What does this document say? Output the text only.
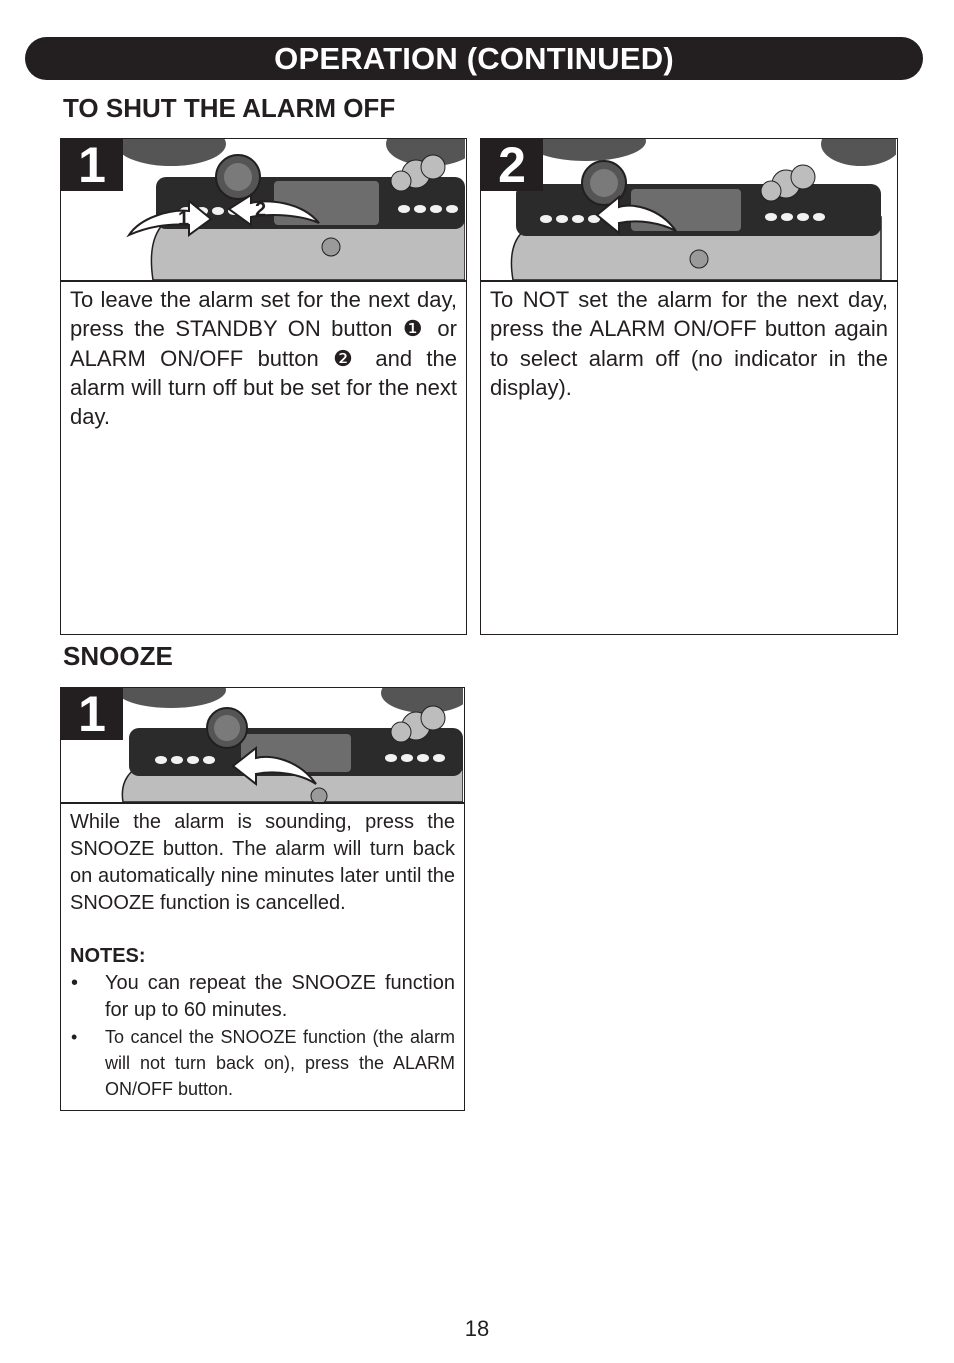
OPERATION (CONTINUED)
TO SHUT THE ALARM OFF
1	2
1
To leave the alarm set for the next day, press the STANDBY ON button ❶ or ALARM ON/OFF button ❷ and the alarm will turn off but be set for the next day.
2
To NOT set the alarm for the next day, press the ALARM ON/OFF button again to select alarm off (no indicator in the display).
SNOOZE
1
While the alarm is sounding, press the SNOOZE button. The alarm will turn back on automatically nine minutes later until the SNOOZE function is cancelled.
NOTES:
• You can repeat the SNOOZE function for up to 60 minutes.
• To cancel the SNOOZE function (the alarm will not turn back on), press the ALARM ON/OFF button.
18
